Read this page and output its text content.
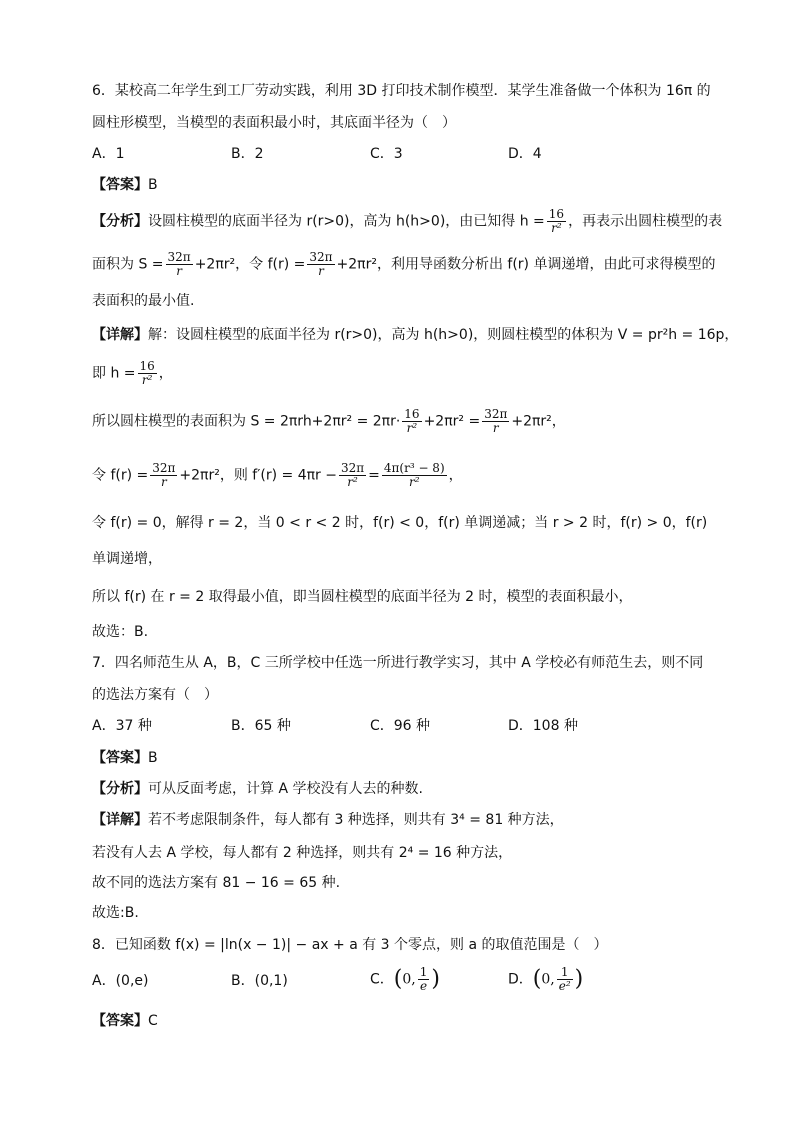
6．某校高二年学生到工厂劳动实践，利用 3D 打印技术制作模型．某学生准备做一个体积为 16π 的
圆柱形模型，当模型的表面积最小时，其底面半径为（　）
A．1	B．2	C．3	D．4
【答案】B
【分析】设圆柱模型的底面半径为 r(r>0)，高为 h(h>0)，由已知得 $h = \frac{16}{\text{r²}}$ ，再表示出圆柱模型的表
面积为 $S = \frac{32\pi}{r} +2\pi r^2$，令 $f(r) = \frac{32\pi}{r} +2\pi r^2$，利用导函数分析出 f(r) 单调递增，由此可求得模型的
表面积的最小值.
【详解】解：设圆柱模型的底面半径为 r(r>0)，高为 h(h>0)，则圆柱模型的体积为 V = pr²h = 16p，
即 $h = \frac{16}{\text{r²}}$ ，
所以圆柱模型的表面积为 $S = 2\pi rh+2\pi r^2 = 2\pi r\cdot \frac{16}{\text{r²}} +2\pi r^2 = \frac{32\pi}{r} +2\pi r^2$，
令 $f(r) = \frac{32\pi}{r} +2\pi r^2$，则 $f'(r) = 4\pi r - \frac{32\pi}{\text{r²}} = \frac{\text{4π(r³ − 8)}}{\text{r²}}$ ，
令 f(r) = 0，解得 r = 2，当 0 < r < 2 时，f(r) < 0，f(r) 单调递减；当 r > 2 时，f(r) > 0，f(r)
单调递增，
所以 f(r) 在 r = 2 取得最小值，即当圆柱模型的底面半径为 2 时，模型的表面积最小，
故选：B.
7．四名师范生从 A，B，C 三所学校中任选一所进行教学实习，其中 A 学校必有师范生去，则不同
的选法方案有（　）
A．37 种	B．65 种	C．96 种	D．108 种
【答案】B
【分析】可从反面考虑，计算 A 学校没有人去的种数.
【详解】若不考虑限制条件，每人都有 3 种选择，则共有 3⁴ = 81 种方法，
若没有人去 A 学校，每人都有 2 种选择，则共有 2⁴ = 16 种方法，
故不同的选法方案有 81 − 16 = 65 种.
故选:B.
8．已知函数 f(x) = |ln(x − 1)| − ax + a 有 3 个零点，则 a 的取值范围是（　）
A．(0,e)	B．(0,1)	C．(0, $\frac{1}{e}$ )	D．(0, $\frac{1}{\text{e²}}$ )
【答案】C
